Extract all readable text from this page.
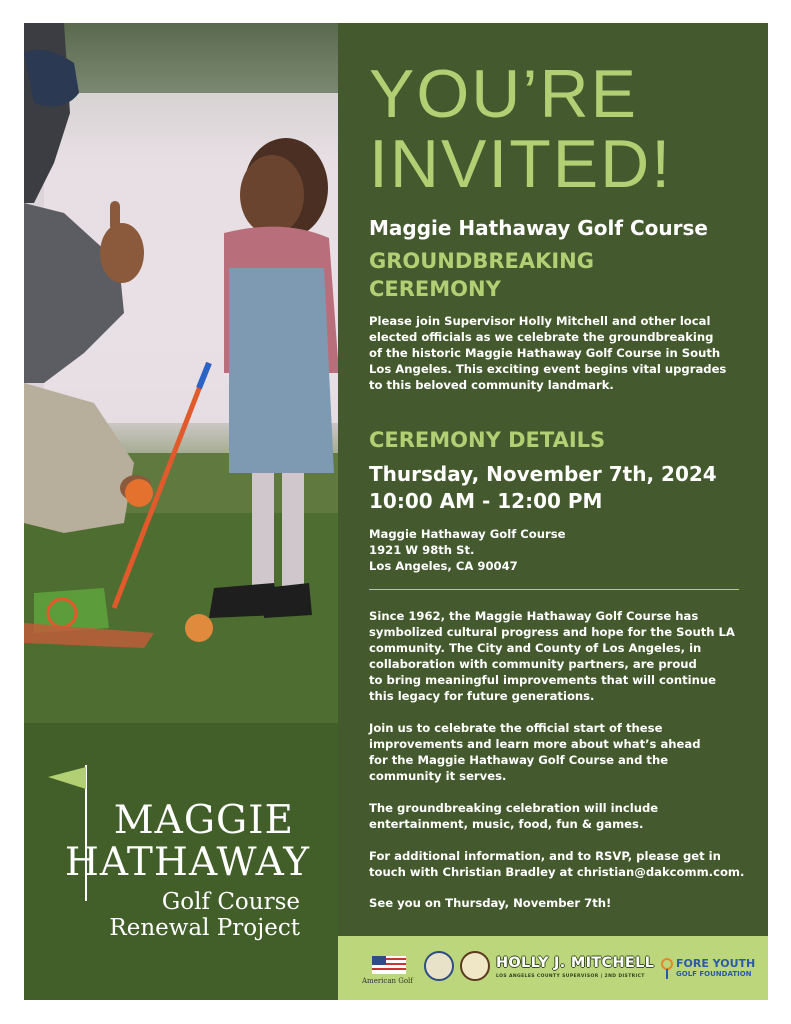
MAGGIE
HATHAWAY
Golf Course
Renewal Project
YOU’RE
INVITED!
Maggie Hathaway Golf Course
GROUNDBREAKING
CEREMONY
Please join Supervisor Holly Mitchell and other local
elected officials as we celebrate the groundbreaking
of the historic Maggie Hathaway Golf Course in South
Los Angeles. This exciting event begins vital upgrades
to this beloved community landmark.
CEREMONY DETAILS
Thursday, November 7th, 2024
10:00 AM - 12:00 PM
Maggie Hathaway Golf Course
1921 W 98th St.
Los Angeles, CA 90047
Since 1962, the Maggie Hathaway Golf Course has
symbolized cultural progress and hope for the South LA
community. The City and County of Los Angeles, in
collaboration with community partners, are proud
to bring meaningful improvements that will continue
this legacy for future generations.
Join us to celebrate the official start of these
improvements and learn more about what’s ahead
for the Maggie Hathaway Golf Course and the
community it serves.
The groundbreaking celebration will include
entertainment, music, food, fun & games.
For additional information, and to RSVP, please get in
touch with Christian Bradley at christian@dakcomm.com.
See you on Thursday, November 7th!
American Golf
HOLLY J. MITCHELL
LOS ANGELES COUNTY SUPERVISOR | 2ND DISTRICT
FORE YOUTH
GOLF FOUNDATION
